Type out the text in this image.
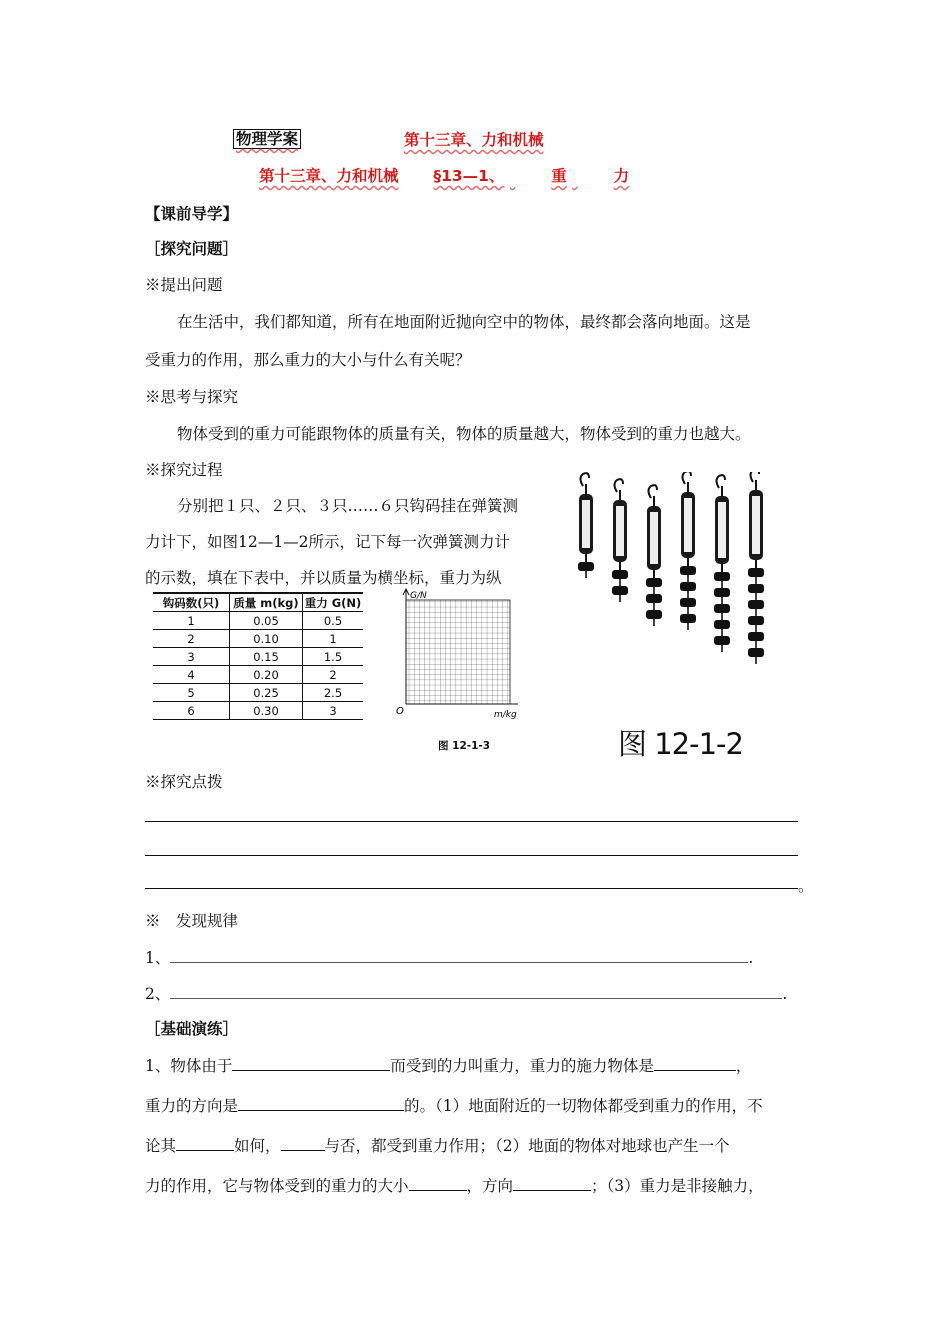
物理学案	第十三章、力和机械
第十三章、力和机械 §13—1、	重	力
【课前导学】
［探究问题］
※提出问题
在生活中，我们都知道，所有在地面附近抛向空中的物体，最终都会落向地面。这是
受重力的作用，那么重力的大小与什么有关呢？
※思考与探究
物体受到的重力可能跟物体的质量有关，物体的质量越大，物体受到的重力也越大。
※探究过程
分别把１只、２只、３只……６只钩码挂在弹簧测
力计下，如图12—1—2所示，记下每一次弹簧测力计
的示数，填在下表中，并以质量为横坐标，重力为纵
钩码数(只)	质量 m(kg)	重力 G(N)
1	0.05	0.5
2	0.10	1
3	0.15	1.5
4	0.20	2
5	0.25	2.5
6	0.30	3
G/N
O	m/kg
图 12-1-3	图 12-1-2
※探究点拨
。
※　发现规律
1、	.
2、	.
［基础演练］
1、物体由于	而受到的力叫重力，重力的施力物体是	，
重力的方向是	的。（1）地面附近的一切物体都受到重力的作用，不
论其	如何，	与否，都受到重力作用；（2）地面的物体对地球也产生一个
力的作用，它与物体受到的重力的大小	，方向	；（3）重力是非接触力，
